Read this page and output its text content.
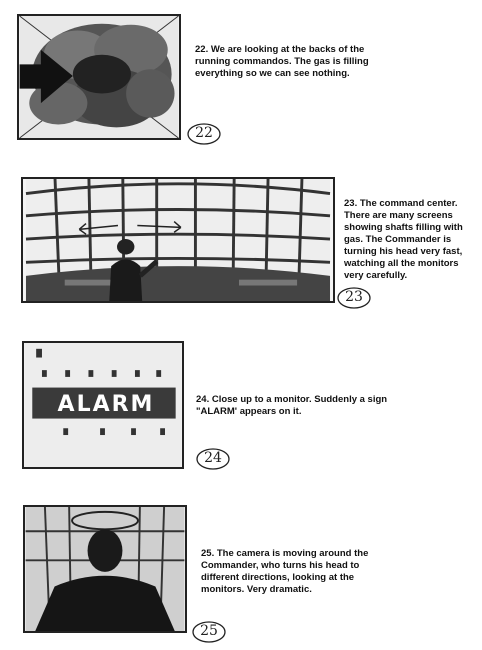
22. We are looking at the backs of the running commandos. The gas is filling everything so we can see nothing.
22
23. The command center. There are many screens showing shafts filling with gas. The Commander is turning his head very fast, watching all the monitors very carefully.
23
ALARM	24. Close up to a monitor. Suddenly a sign "ALARM' appears on it.
24
25. The camera is moving around the Commander, who turns his head to different directions, looking at the monitors. Very dramatic.
25
